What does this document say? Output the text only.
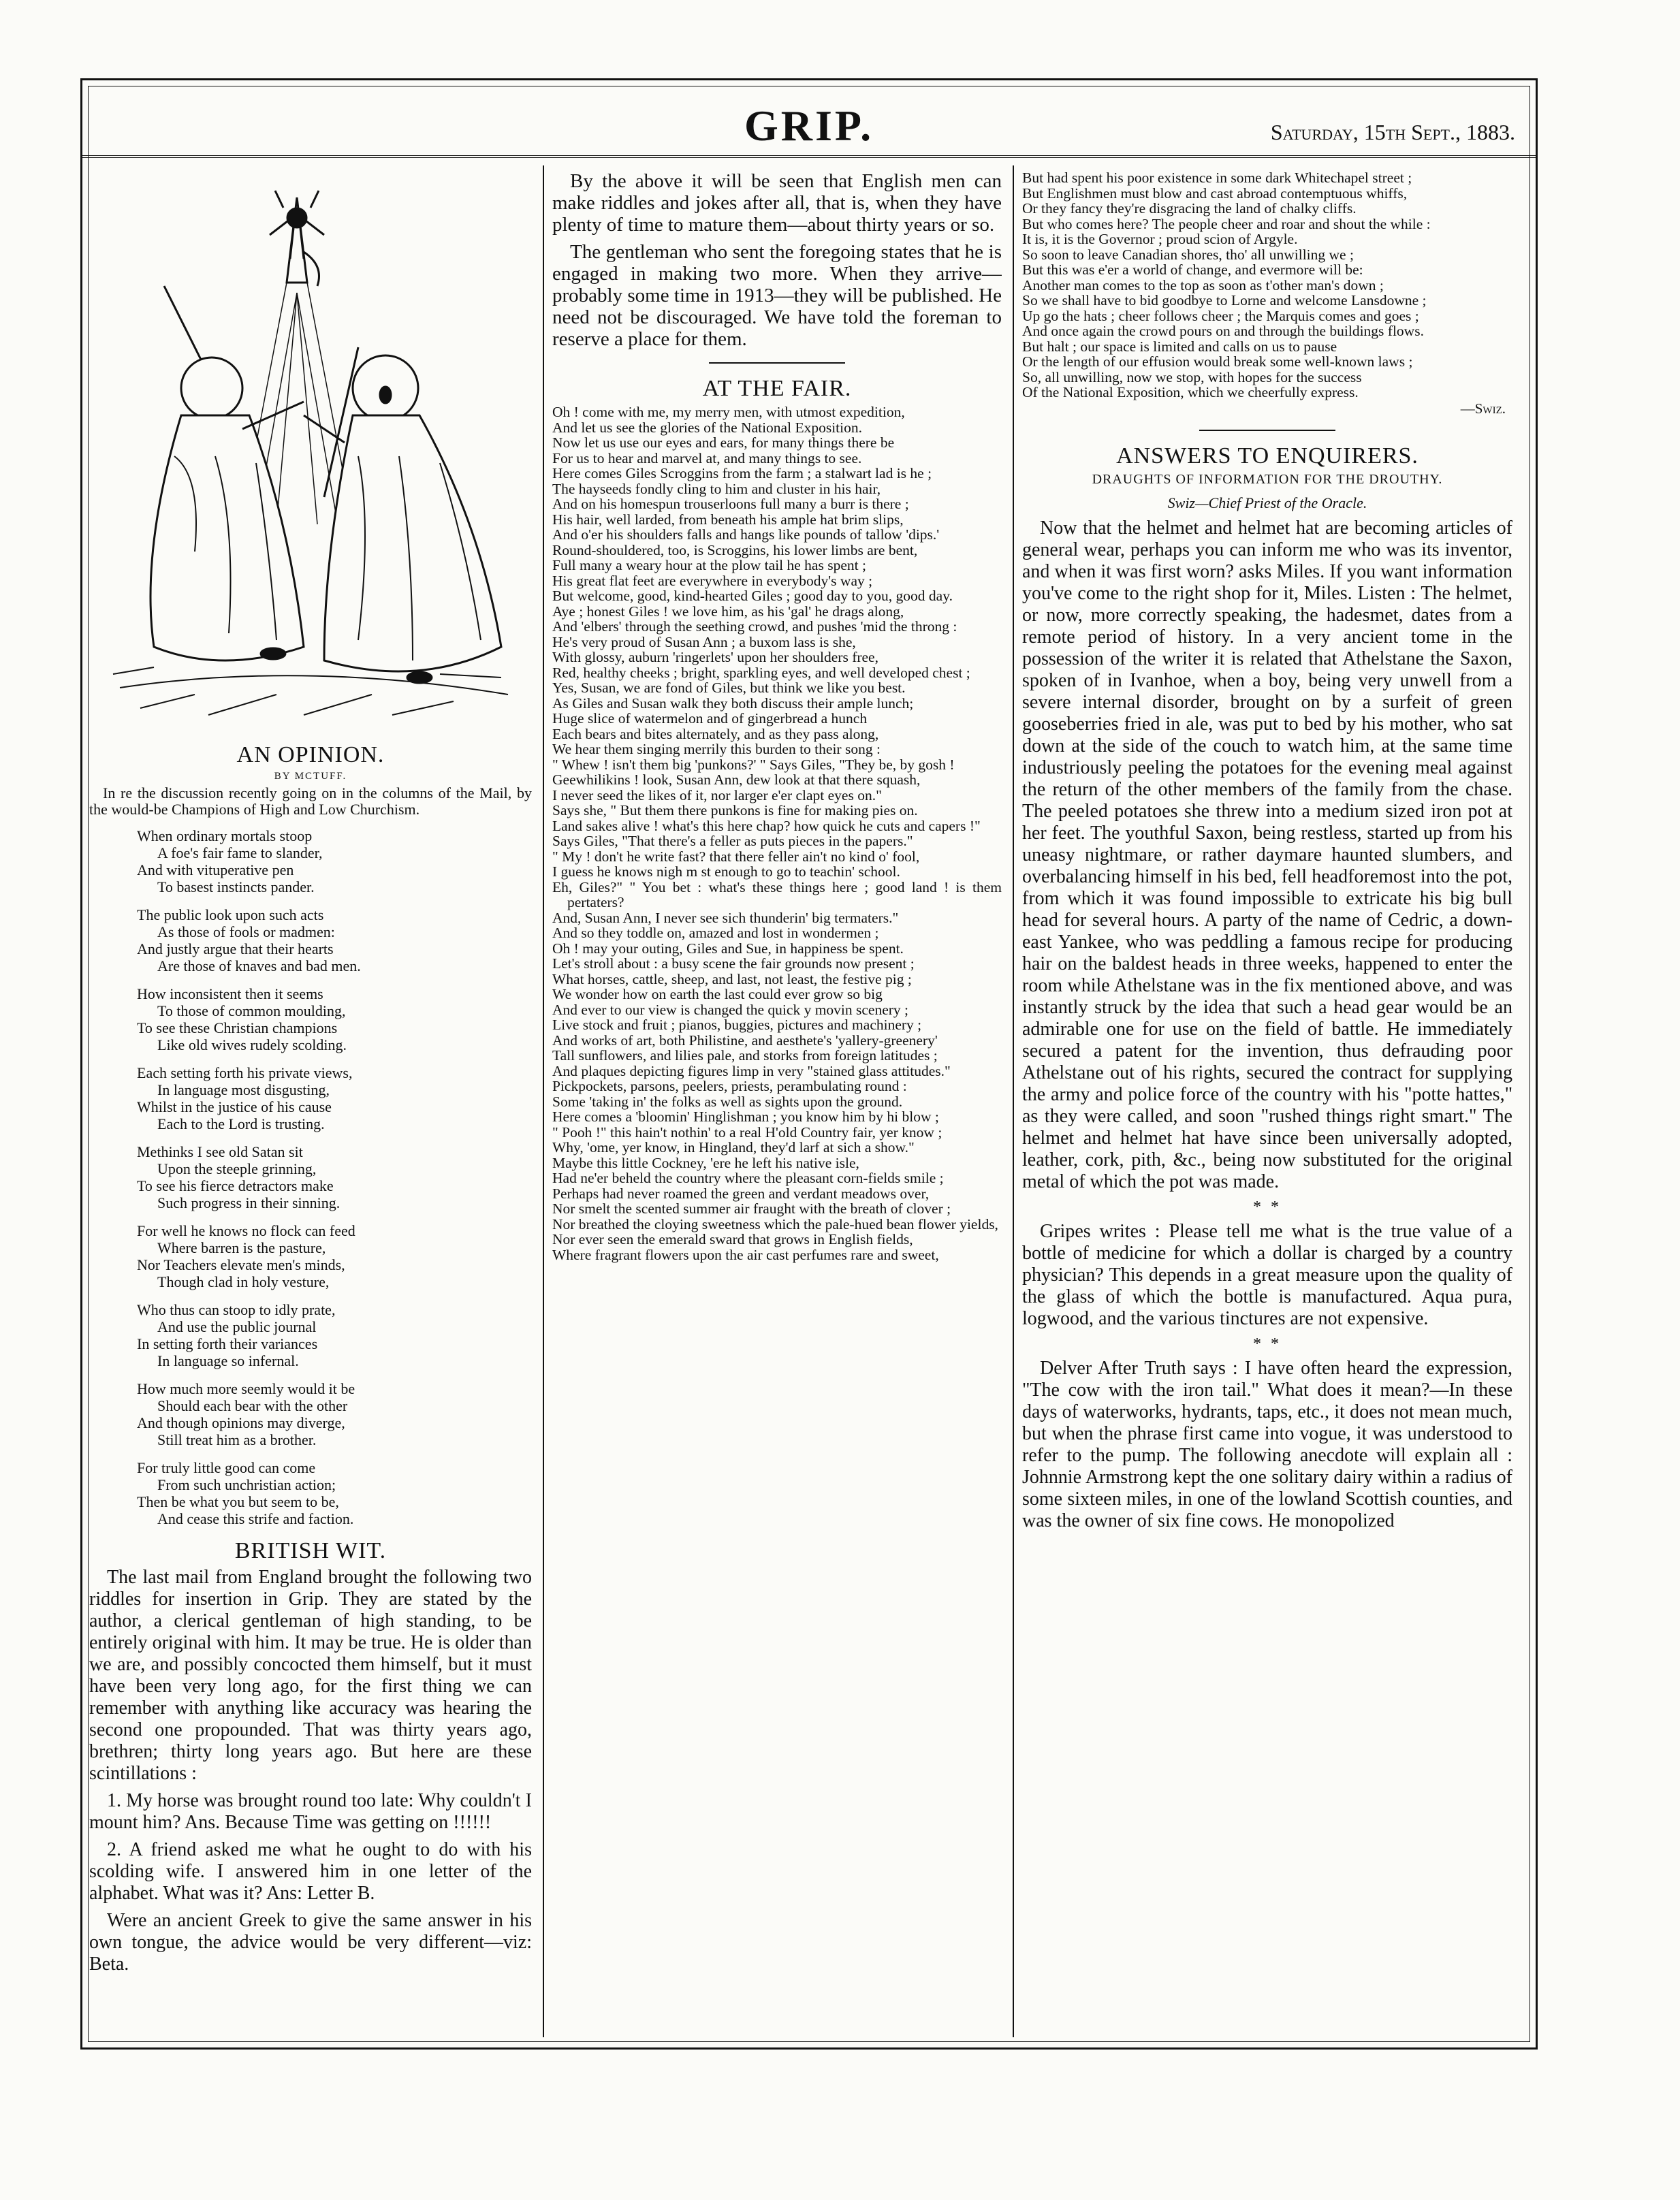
GRIP.	Saturday, 15th Sept., 1883.
AN OPINION.
BY MCTUFF.

In re the discussion recently going on in the columns of the Mail, by the would-be Champions of High and Low Churchism.

When ordinary mortals stoop
A foe's fair fame to slander,
And with vituperative pen
To basest instincts pander.
The public look upon such acts
As those of fools or madmen:
And justly argue that their hearts
Are those of knaves and bad men.
How inconsistent then it seems
To those of common moulding,
To see these Christian champions
Like old wives rudely scolding.
Each setting forth his private views,
In language most disgusting,
Whilst in the justice of his cause
Each to the Lord is trusting.
Methinks I see old Satan sit
Upon the steeple grinning,
To see his fierce detractors make
Such progress in their sinning.
For well he knows no flock can feed
Where barren is the pasture,
Nor Teachers elevate men's minds,
Though clad in holy vesture,
Who thus can stoop to idly prate,
And use the public journal
In setting forth their variances
In language so infernal.
How much more seemly would it be
Should each bear with the other
And though opinions may diverge,
Still treat him as a brother.
For truly little good can come
From such unchristian action;
Then be what you but seem to be,
And cease this strife and faction.
BRITISH WIT.

The last mail from England brought the following two riddles for insertion in Grip. They are stated by the author, a clerical gentleman of high standing, to be entirely original with him. It may be true. He is older than we are, and possibly concocted them himself, but it must have been very long ago, for the first thing we can remember with anything like accuracy was hearing the second one propounded. That was thirty years ago, brethren; thirty long years ago. But here are these scintillations :

1. My horse was brought round too late: Why couldn't I mount him? Ans. Because Time was getting on !!!!!!

2. A friend asked me what he ought to do with his scolding wife. I answered him in one letter of the alphabet. What was it? Ans: Letter B.

Were an ancient Greek to give the same answer in his own tongue, the advice would be very different—viz: Beta.

By the above it will be seen that English men can make riddles and jokes after all, that is, when they have plenty of time to mature them—about thirty years or so.

The gentleman who sent the foregoing states that he is engaged in making two more. When they arrive—probably some time in 1913—they will be published. He need not be discouraged. We have told the foreman to reserve a place for them.

AT THE FAIR.
Oh ! come with me, my merry men, with utmost expedition,
And let us see the glories of the National Exposition.
Now let us use our eyes and ears, for many things there be
For us to hear and marvel at, and many things to see.
Here comes Giles Scroggins from the farm ; a stalwart lad is he ;
The hayseeds fondly cling to him and cluster in his hair,
And on his homespun trouserloons full many a burr is there ;
His hair, well larded, from beneath his ample hat brim slips,
And o'er his shoulders falls and hangs like pounds of tallow 'dips.'
Round-shouldered, too, is Scroggins, his lower limbs are bent,
Full many a weary hour at the plow tail he has spent ;
His great flat feet are everywhere in everybody's way ;
But welcome, good, kind-hearted Giles ; good day to you, good day.
Aye ; honest Giles ! we love him, as his 'gal' he drags along,
And 'elbers' through the seething crowd, and pushes 'mid the throng :
He's very proud of Susan Ann ; a buxom lass is she,
With glossy, auburn 'ringerlets' upon her shoulders free,
Red, healthy cheeks ; bright, sparkling eyes, and well developed chest ;
Yes, Susan, we are fond of Giles, but think we like you best.
As Giles and Susan walk they both discuss their ample lunch;
Huge slice of watermelon and of gingerbread a hunch
Each bears and bites alternately, and as they pass along,
We hear them singing merrily this burden to their song :
" Whew ! isn't them big 'punkons?' " Says Giles, "They be, by gosh !
Geewhilikins ! look, Susan Ann, dew look at that there squash,
I never seed the likes of it, nor larger e'er clapt eyes on."
Says she, " But them there punkons is fine for making pies on.
Land sakes alive ! what's this here chap? how quick he cuts and capers !"
Says Giles, "That there's a feller as puts pieces in the papers."
" My ! don't he write fast? that there feller ain't no kind o' fool,
I guess he knows nigh m st enough to go to teachin' school.
Eh, Giles?" " You bet : what's these things here ; good land ! is them pertaters?
And, Susan Ann, I never see sich thunderin' big termaters."
And so they toddle on, amazed and lost in wondermen ;
Oh ! may your outing, Giles and Sue, in happiness be spent.
Let's stroll about : a busy scene the fair grounds now present ;
What horses, cattle, sheep, and last, not least, the festive pig ;
We wonder how on earth the last could ever grow so big
And ever to our view is changed the quick y movin scenery ;
Live stock and fruit ; pianos, buggies, pictures and machinery ;
And works of art, both Philistine, and aesthete's 'yallery-greenery'
Tall sunflowers, and lilies pale, and storks from foreign latitudes ;
And plaques depicting figures limp in very "stained glass attitudes."
Pickpockets, parsons, peelers, priests, perambulating round :
Some 'taking in' the folks as well as sights upon the ground.
Here comes a 'bloomin' Hinglishman ; you know him by hi blow ;
" Pooh !" this hain't nothin' to a real H'old Country fair, yer know ;
Why, 'ome, yer know, in Hingland, they'd larf at sich a show."
Maybe this little Cockney, 'ere he left his native isle,
Had ne'er beheld the country where the pleasant corn-fields smile ;
Perhaps had never roamed the green and verdant meadows over,
Nor smelt the scented summer air fraught with the breath of clover ;
Nor breathed the cloying sweetness which the pale-hued bean flower yields,
Nor ever seen the emerald sward that grows in English fields,
Where fragrant flowers upon the air cast perfumes rare and sweet,
But had spent his poor existence in some dark Whitechapel street ;
But Englishmen must blow and cast abroad contemptuous whiffs,
Or they fancy they're disgracing the land of chalky cliffs.
But who comes here? The people cheer and roar and shout the while :
It is, it is the Governor ; proud scion of Argyle.
So soon to leave Canadian shores, tho' all unwilling we ;
But this was e'er a world of change, and evermore will be:
Another man comes to the top as soon as t'other man's down ;
So we shall have to bid goodbye to Lorne and welcome Lansdowne ;
Up go the hats ; cheer follows cheer ; the Marquis comes and goes ;
And once again the crowd pours on and through the buildings flows.
But halt ; our space is limited and calls on us to pause
Or the length of our effusion would break some well-known laws ;
So, all unwilling, now we stop, with hopes for the success
Of the National Exposition, which we cheerfully express.
—Swiz.
ANSWERS TO ENQUIRERS.
DRAUGHTS OF INFORMATION FOR THE DROUTHY.
Swiz—Chief Priest of the Oracle.

Now that the helmet and helmet hat are becoming articles of general wear, perhaps you can inform me who was its inventor, and when it was first worn? asks Miles. If you want information you've come to the right shop for it, Miles. Listen : The helmet, or now, more correctly speaking, the hadesmet, dates from a remote period of history. In a very ancient tome in the possession of the writer it is related that Athelstane the Saxon, spoken of in Ivanhoe, when a boy, being very unwell from a severe internal disorder, brought on by a surfeit of green gooseberries fried in ale, was put to bed by his mother, who sat down at the side of the couch to watch him, at the same time industriously peeling the potatoes for the evening meal against the return of the other members of the family from the chase. The peeled potatoes she threw into a medium sized iron pot at her feet. The youthful Saxon, being restless, started up from his uneasy nightmare, or rather daymare haunted slumbers, and overbalancing himself in his bed, fell headforemost into the pot, from which it was found impossible to extricate his big bull head for several hours. A party of the name of Cedric, a down-east Yankee, who was peddling a famous recipe for producing hair on the baldest heads in three weeks, happened to enter the room while Athelstane was in the fix mentioned above, and was instantly struck by the idea that such a head gear would be an admirable one for use on the field of battle. He immediately secured a patent for the invention, thus defrauding poor Athelstane out of his rights, secured the contract for supplying the army and police force of the country with his "potte hattes," as they were called, and soon "rushed things right smart." The helmet and helmet hat have since been universally adopted, leather, cork, pith, &c., being now substituted for the original metal of which the pot was made.

* *

Gripes writes : Please tell me what is the true value of a bottle of medicine for which a dollar is charged by a country physician? This depends in a great measure upon the quality of the glass of which the bottle is manufactured. Aqua pura, logwood, and the various tinctures are not expensive.

* *

Delver After Truth says : I have often heard the expression, "The cow with the iron tail." What does it mean?—In these days of waterworks, hydrants, taps, etc., it does not mean much, but when the phrase first came into vogue, it was understood to refer to the pump. The following anecdote will explain all : Johnnie Armstrong kept the one solitary dairy within a radius of some sixteen miles, in one of the lowland Scottish counties, and was the owner of six fine cows. He monopolized
